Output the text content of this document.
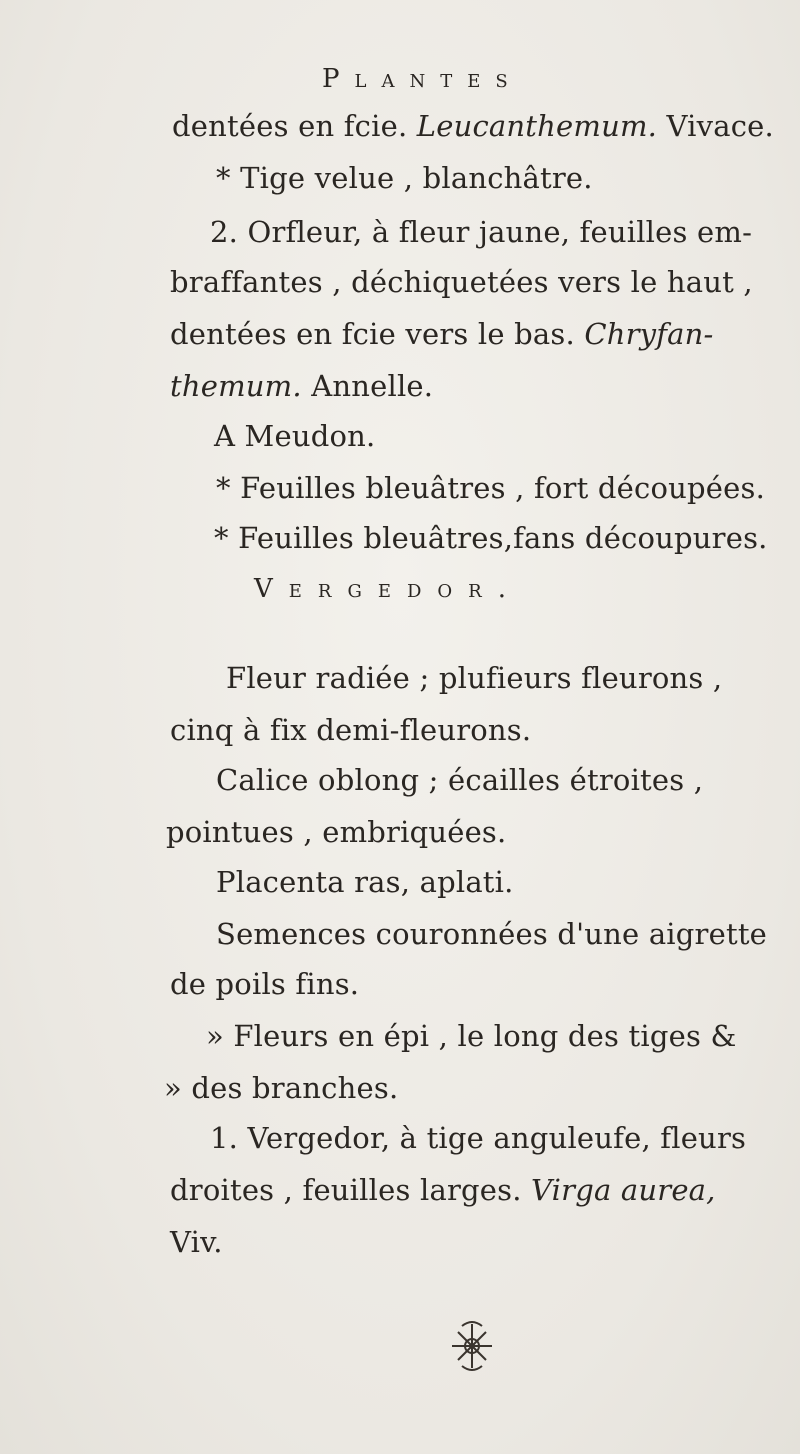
Plantes
dentées en fcie. Leucanthemum. Vivace.
* Tige velue , blanchâtre.
2. Orfleur, à fleur jaune, feuilles em-
braffantes , déchiquetées vers le haut ,
dentées en fcie vers le bas. Chryfan-
themum. Annelle.
A Meudon.
* Feuilles bleuâtres , fort découpées.
* Feuilles bleuâtres,fans découpures.
Vergedor.
Fleur radiée ; plufieurs fleurons ,
cinq à fix demi-fleurons.
Calice oblong ; écailles étroites ,
pointues , embriquées.
Placenta ras, aplati.
Semences couronnées d'une aigrette
de poils fins.
» Fleurs en épi , le long des tiges &
» des branches.
1. Vergedor, à tige anguleufe, fleurs
droites , feuilles larges. Virga aurea,
Viv.
